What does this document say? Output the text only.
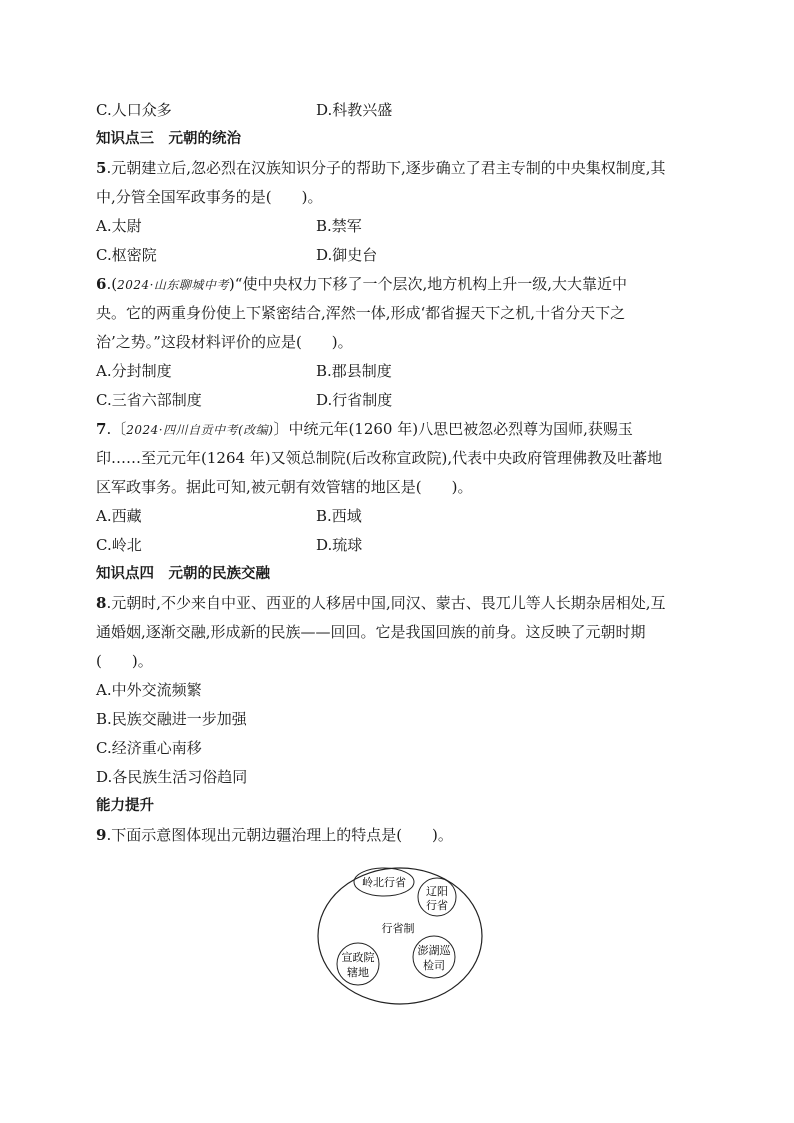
C.人口众多	D.科教兴盛
知识点三　元朝的统治
5.元朝建立后,忽必烈在汉族知识分子的帮助下,逐步确立了君主专制的中央集权制度,其
中,分管全国军政事务的是(　　)。
A.太尉	B.禁军
C.枢密院	D.御史台
6.(2024·山东聊城中考)“使中央权力下移了一个层次,地方机构上升一级,大大靠近中
央。它的两重身份使上下紧密结合,浑然一体,形成‘都省握天下之机,十省分天下之
治’之势。”这段材料评价的应是(　　)。
A.分封制度	B.郡县制度
C.三省六部制度	D.行省制度
7.〔2024·四川自贡中考(改编)〕中统元年(1260 年)八思巴被忽必烈尊为国师,获赐玉
印……至元元年(1264 年)又领总制院(后改称宣政院),代表中央政府管理佛教及吐蕃地
区军政事务。据此可知,被元朝有效管辖的地区是(　　)。
A.西藏	B.西域
C.岭北	D.琉球
知识点四　元朝的民族交融
8.元朝时,不少来自中亚、西亚的人移居中国,同汉、蒙古、畏兀儿等人长期杂居相处,互
通婚姻,逐渐交融,形成新的民族——回回。它是我国回族的前身。这反映了元朝时期
(　　)。
A.中外交流频繁
B.民族交融进一步加强
C.经济重心南移
D.各民族生活习俗趋同
能力提升
9.下面示意图体现出元朝边疆治理上的特点是(　　)。
岭北行省
辽阳
行省
行省制
宣政院
辖地
澎湖巡
检司
